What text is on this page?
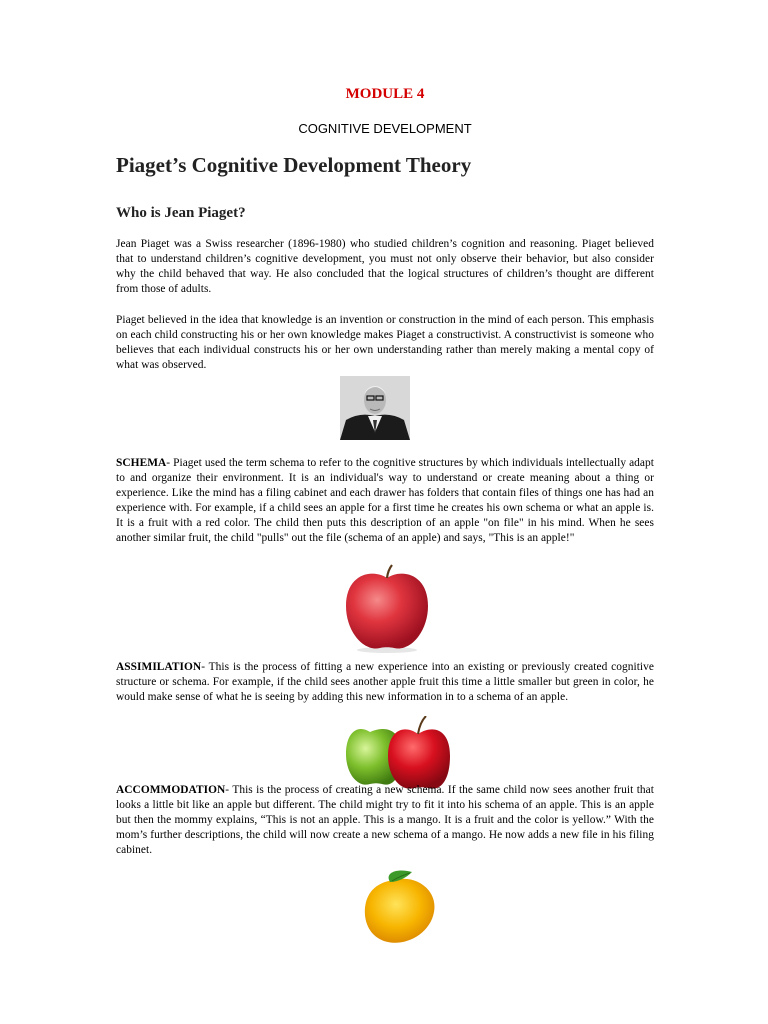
MODULE 4
COGNITIVE DEVELOPMENT
Piaget’s Cognitive Development Theory
Who is Jean Piaget?
Jean Piaget was a Swiss researcher (1896-1980) who studied children’s cognition and reasoning. Piaget believed that to understand children’s cognitive development, you must not only observe their behavior, but also consider why the child behaved that way. He also concluded that the logical structures of children’s thought are different from those of adults.
Piaget believed in the idea that knowledge is an invention or construction in the mind of each person. This emphasis on each child constructing his or her own knowledge makes Piaget a constructivist. A constructivist is someone who believes that each individual constructs his or her own understanding rather than merely making a mental copy of what was observed.
SCHEMA- Piaget used the term schema to refer to the cognitive structures by which individuals intellectually adapt to and organize their environment. It is an individual's way to understand or create meaning about a thing or experience. Like the mind has a filing cabinet and each drawer has folders that contain files of things one has had an experience with. For example, if a child sees an apple for a first time he creates his own schema or what an apple is. It is a fruit with a red color. The child then puts this description of an apple "on file" in his mind. When he sees another similar fruit, the child "pulls" out the file (schema of an apple) and says, "This is an apple!"
ASSIMILATION- This is the process of fitting a new experience into an existing or previously created cognitive structure or schema. For example, if the child sees another apple fruit this time a little smaller but green in color, he would make sense of what he is seeing by adding this new information in to a schema of an apple.
ACCOMMODATION- This is the process of creating a new schema. If the same child now sees another fruit that looks a little bit like an apple but different. The child might try to fit it into his schema of an apple. This is an apple but then the mommy explains, “This is not an apple. This is a mango. It is a fruit and the color is yellow.” With the mom’s further descriptions, the child will now create a new schema of a mango. He now adds a new file in his filing cabinet.
